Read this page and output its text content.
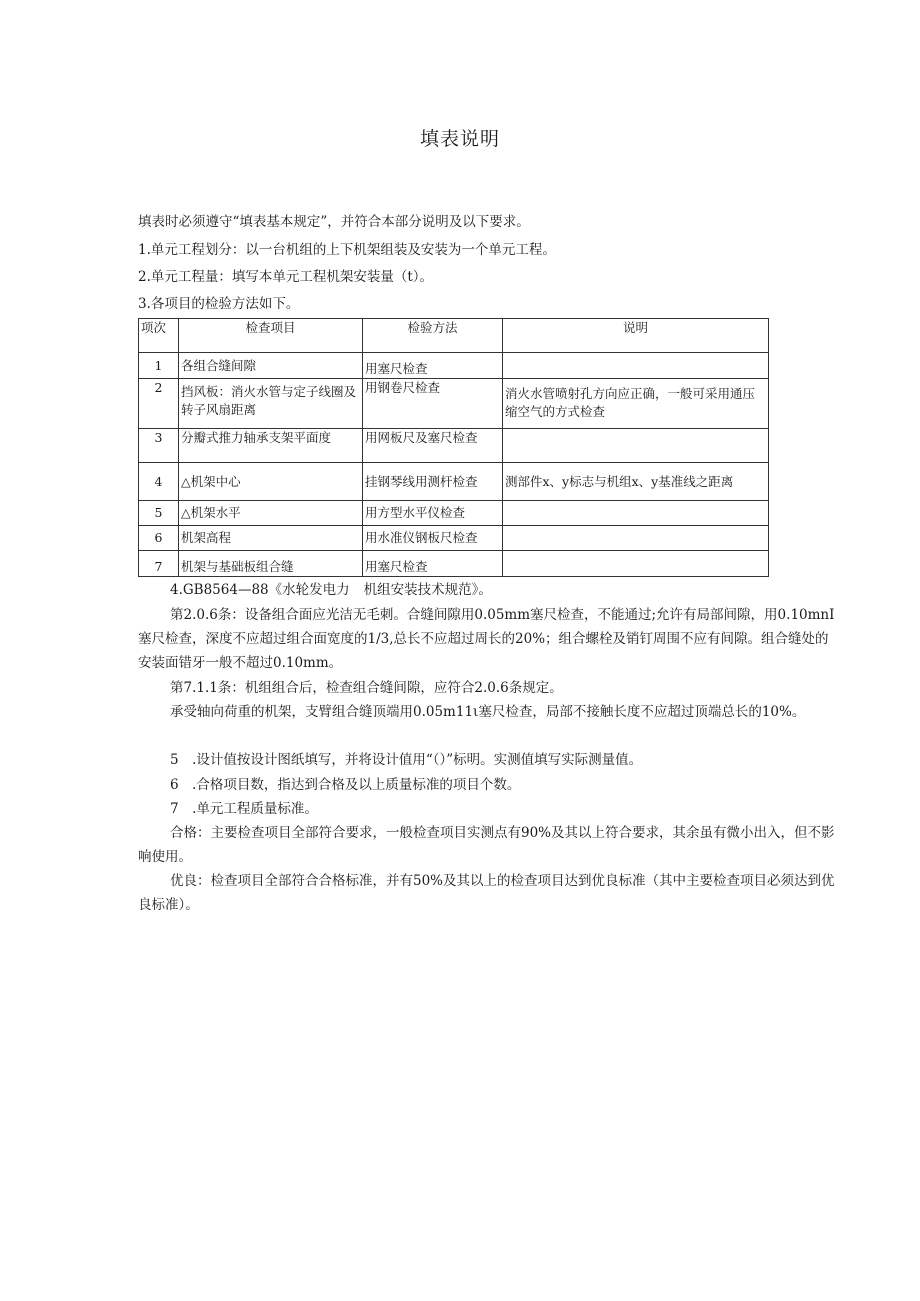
填表说明
填表时必须遵守“填表基本规定”，并符合本部分说明及以下要求。
1.单元工程划分：以一台机组的上下机架组装及安装为一个单元工程。
2.单元工程量：填写本单元工程机架安装量（t）。
3.各项目的检验方法如下。
项次	检查项目	检验方法	说明
1	各组合缝间隙	用塞尺检查	
2	挡风板：消火水管与定子线圈及转子风扇距离	用钢卷尺检查	消火水管喷射孔方向应正确，一般可采用通压缩空气的方式检查
3	分瓣式推力轴承支架平面度	用网板尺及塞尺检查	
4	△机架中心	挂钢琴线用测杆检查	测部件x、y标志与机组x、y基准线之距离
5	△机架水平	用方型水平仪检查	
6	机架高程	用水准仪钢板尺检查	
7	机架与基础板组合缝	用塞尺检查	
4.GB8564—88《水轮发电力 机组安装技术规范》。
第2.0.6条：设备组合面应光洁无毛刺。合缝间隙用0.05mm塞尺检查，不能通过;允许有局部间隙，用0.10mnI塞尺检查，深度不应超过组合面宽度的1/3,总长不应超过周长的20%；组合螺栓及销钉周围不应有间隙。组合缝处的安装面错牙一般不超过0.10mm。
第7.1.1条：机组组合后，检查组合缝间隙，应符合2.0.6条规定。
承受轴向荷重的机架，支臂组合缝顶端用0.05m11ι塞尺检查，局部不接触长度不应超过顶端总长的10%。
5　.设计值按设计图纸填写，并将设计值用“（）”标明。实测值填写实际测量值。
6　.合格项目数，指达到合格及以上质量标准的项目个数。
7　.单元工程质量标准。
合格：主要检查项目全部符合要求，一般检查项目实测点有90%及其以上符合要求，其余虽有微小出入，但不影响使用。
优良：检查项目全部符合合格标准，并有50%及其以上的检查项目达到优良标准（其中主要检查项目必须达到优良标准）。
